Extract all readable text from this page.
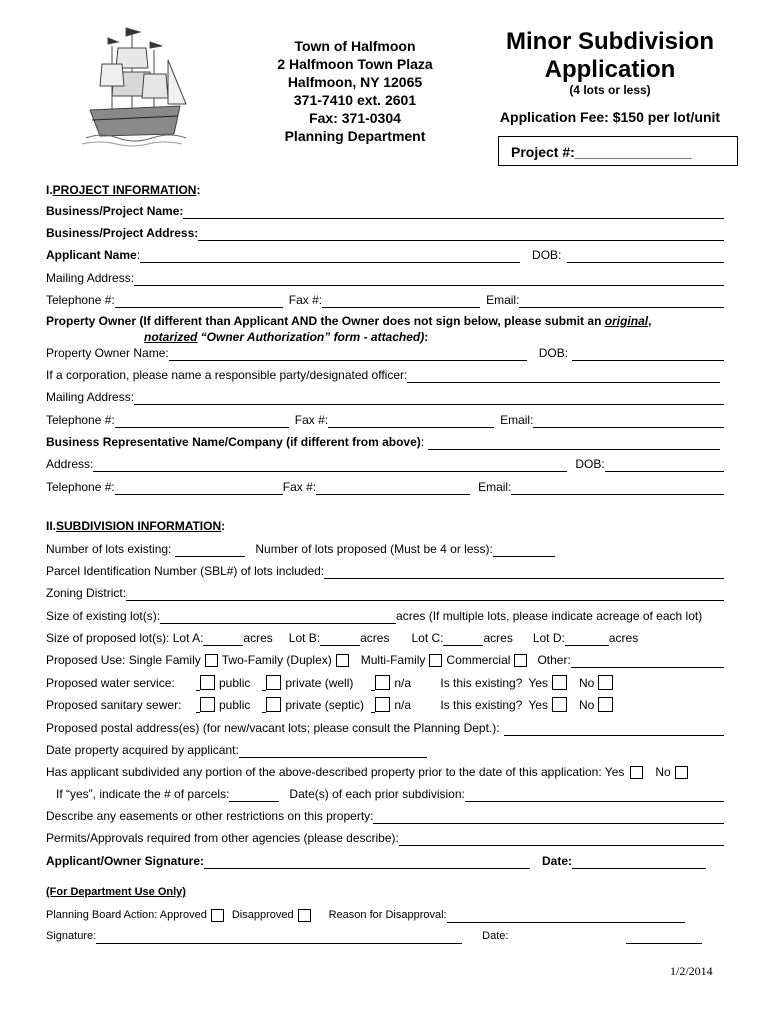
Town of Halfmoon
2 Halfmoon Town Plaza
Halfmoon, NY 12065
371-7410 ext. 2601
Fax: 371-0304
Planning Department
Minor Subdivision
Application
(4 lots or less)
Application Fee: $150 per lot/unit
Project #:_______________
I. PROJECT INFORMATION :
Business/Project Name:
Business/Project Address:
Applicant Name :	DOB:
Mailing Address:
Telephone #:	Fax #:	Email:
Property Owner (If different than Applicant AND the Owner does not sign below, please submit an original,
notarized “Owner Authorization” form - attached):
Property Owner Name:	DOB:
If a corporation, please name a responsible party/designated officer:
Mailing Address:
Telephone #:	Fax #:	Email:
Business Representative Name/Company (if different from above) :
Address:	DOB:
Telephone #:	Fax #:	Email:
II. SUBDIVISION INFORMATION :
Number of lots existing:	Number of lots proposed (Must be 4 or less):
Parcel Identification Number (SBL#) of lots included:
Zoning District:
Size of existing lot(s):	acres (If multiple lots, please indicate acreage of each lot)
Size of proposed lot(s): Lot A:	acres Lot B:	acres Lot C:	acres Lot D:	acres
Proposed Use: Single Family Two-Family (Duplex) Multi-Family Commercial Other:
Proposed water service:	public	private (well)	n/a	Is this existing? Yes	No
Proposed sanitary sewer:	public	private (septic)	n/a	Is this existing? Yes	No
Proposed postal address(es) (for new/vacant lots; please consult the Planning Dept.):
Date property acquired by applicant:
Has applicant subdivided any portion of the above-described property prior to the date of this application: Yes	No
If “yes”, indicate the # of parcels:	Date(s) of each prior subdivision:
Describe any easements or other restrictions on this property:
Permits/Approvals required from other agencies (please describe):
Applicant/Owner Signature:	Date:
(For Department Use Only)
Planning Board Action: Approved Disapproved	Reason for Disapproval:
Signature:	Date:
1/2/2014
